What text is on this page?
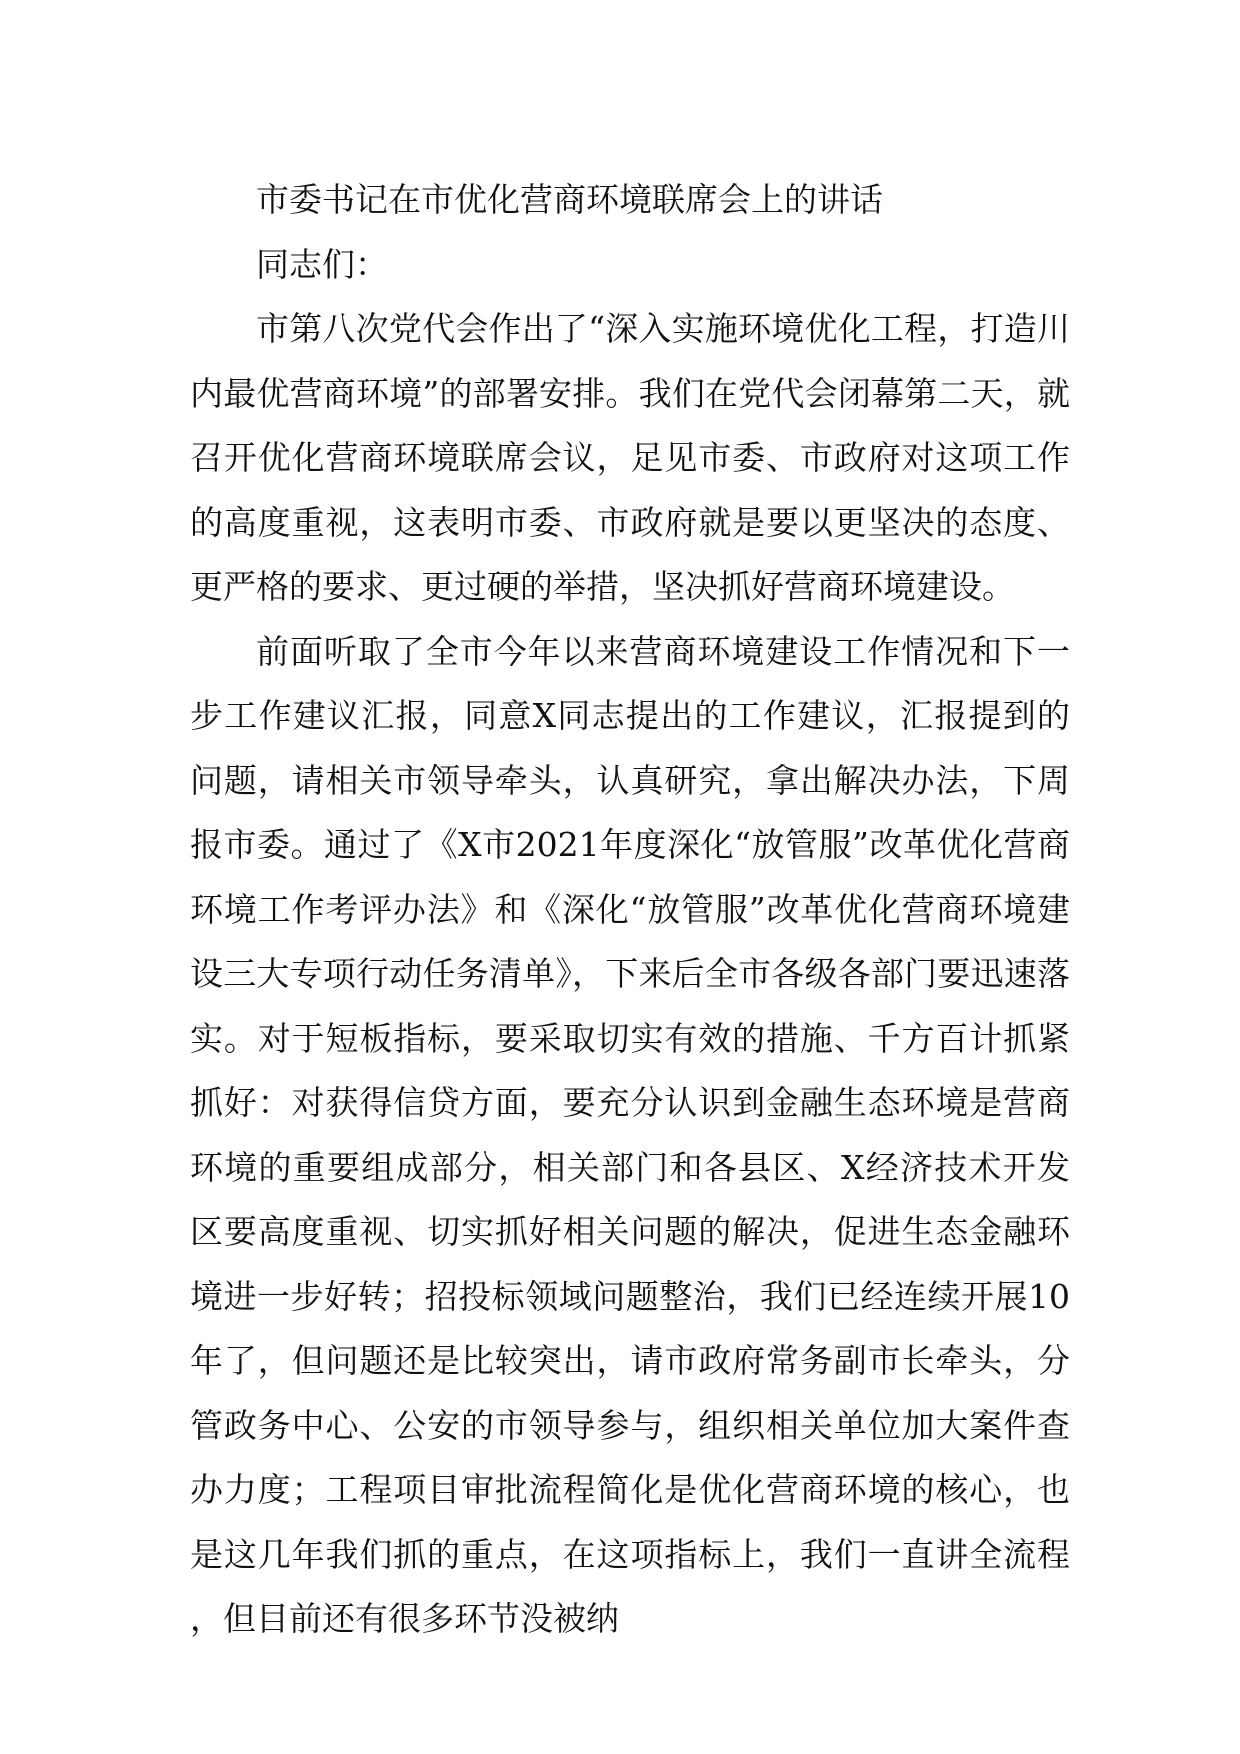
市委书记在市优化营商环境联席会上的讲话

同志们：

市第八次党代会作出了“深入实施环境优化工程，打造川内最优营商环境”的部署安排。我们在党代会闭幕第二天，就召开优化营商环境联席会议，足见市委、市政府对这项工作的高度重视，这表明市委、市政府就是要以更坚决的态度、更严格的要求、更过硬的举措，坚决抓好营商环境建设。

前面听取了全市今年以来营商环境建设工作情况和下一步工作建议汇报，同意X同志提出的工作建议，汇报提到的问题，请相关市领导牵头，认真研究，拿出解决办法，下周报市委。通过了《X市2021年度深化“放管服”改革优化营商环境工作考评办法》和《深化“放管服”改革优化营商环境建设三大专项行动任务清单》，下来后全市各级各部门要迅速落实。对于短板指标，要采取切实有效的措施、千方百计抓紧抓好：对获得信贷方面，要充分认识到金融生态环境是营商环境的重要组成部分，相关部门和各县区、X经济技术开发区要高度重视、切实抓好相关问题的解决，促进生态金融环境进一步好转；招投标领域问题整治，我们已经连续开展10年了，但问题还是比较突出，请市政府常务副市长牵头，分管政务中心、公安的市领导参与，组织相关单位加大案件查办力度；工程项目审批流程简化是优化营商环境的核心，也是这几年我们抓的重点，在这项指标上，我们一直讲全流程，但目前还有很多环节没被纳
